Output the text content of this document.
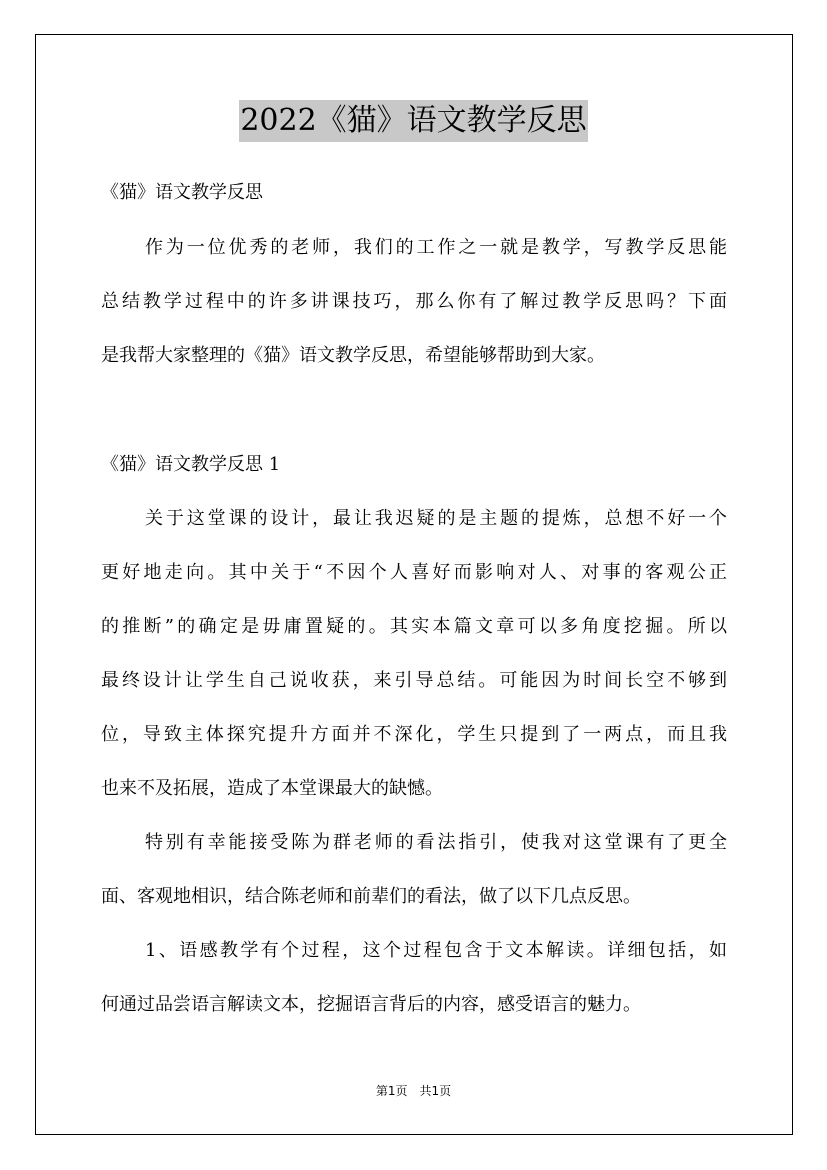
2022《猫》语文教学反思
《猫》语文教学反思
作为一位优秀的老师，我们的工作之一就是教学，写教学反思能
总结教学过程中的许多讲课技巧，那么你有了解过教学反思吗？下面
是我帮大家整理的《猫》语文教学反思，希望能够帮助到大家。
《猫》语文教学反思 1
关于这堂课的设计，最让我迟疑的是主题的提炼，总想不好一个
更好地走向。其中关于“不因个人喜好而影响对人、对事的客观公正
的推断”的确定是毋庸置疑的。其实本篇文章可以多角度挖掘。所以
最终设计让学生自己说收获，来引导总结。可能因为时间长空不够到
位，导致主体探究提升方面并不深化，学生只提到了一两点，而且我
也来不及拓展，造成了本堂课最大的缺憾。
特别有幸能接受陈为群老师的看法指引，使我对这堂课有了更全
面、客观地相识，结合陈老师和前辈们的看法，做了以下几点反思。
1、语感教学有个过程，这个过程包含于文本解读。详细包括，如
何通过品尝语言解读文本，挖掘语言背后的内容，感受语言的魅力。
第1页　共1页
